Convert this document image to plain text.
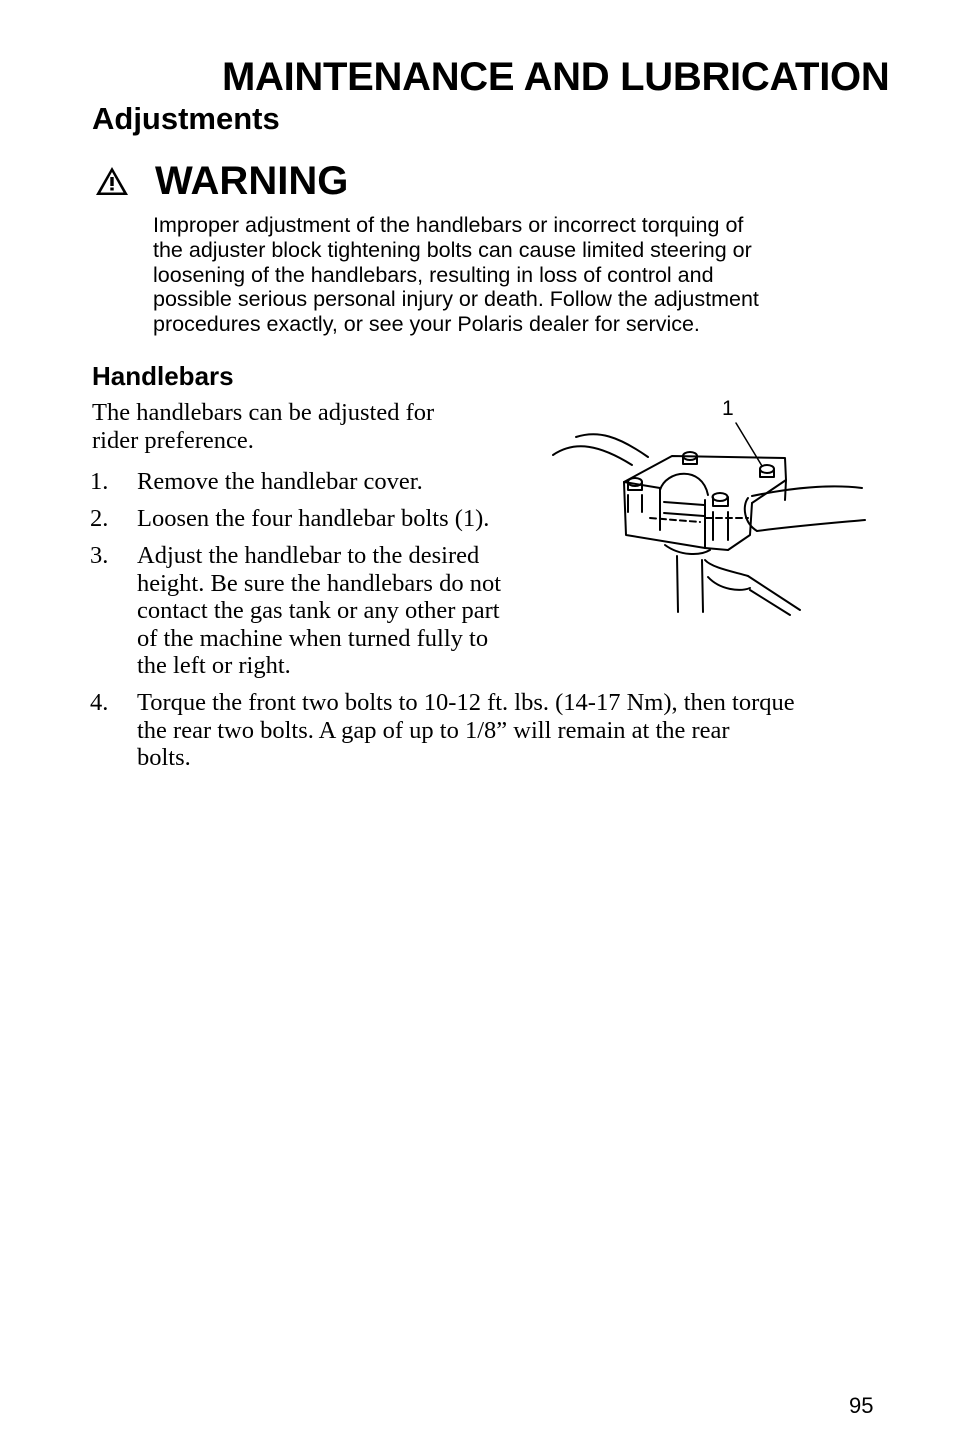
MAINTENANCE AND LUBRICATION
Adjustments
WARNING
Improper adjustment of the handlebars or incorrect torquing of
the adjuster block tightening bolts can cause limited steering or
loosening of the handlebars, resulting in loss of control and
possible serious personal injury or death. Follow the adjustment
procedures exactly, or see your Polaris dealer for service.
Handlebars
The handlebars can be adjusted for
rider preference.
1. Remove the handlebar cover.
2. Loosen the four handlebar bolts (1).
3. Adjust the handlebar to the desired
height. Be sure the handlebars do not
contact the gas tank or any other part
of the machine when turned fully to
the left or right.
4. Torque the front two bolts to 10-12 ft. lbs. (14-17 Nm), then torque
the rear two bolts. A gap of up to 1/8” will remain at the rear
bolts.
1
95
